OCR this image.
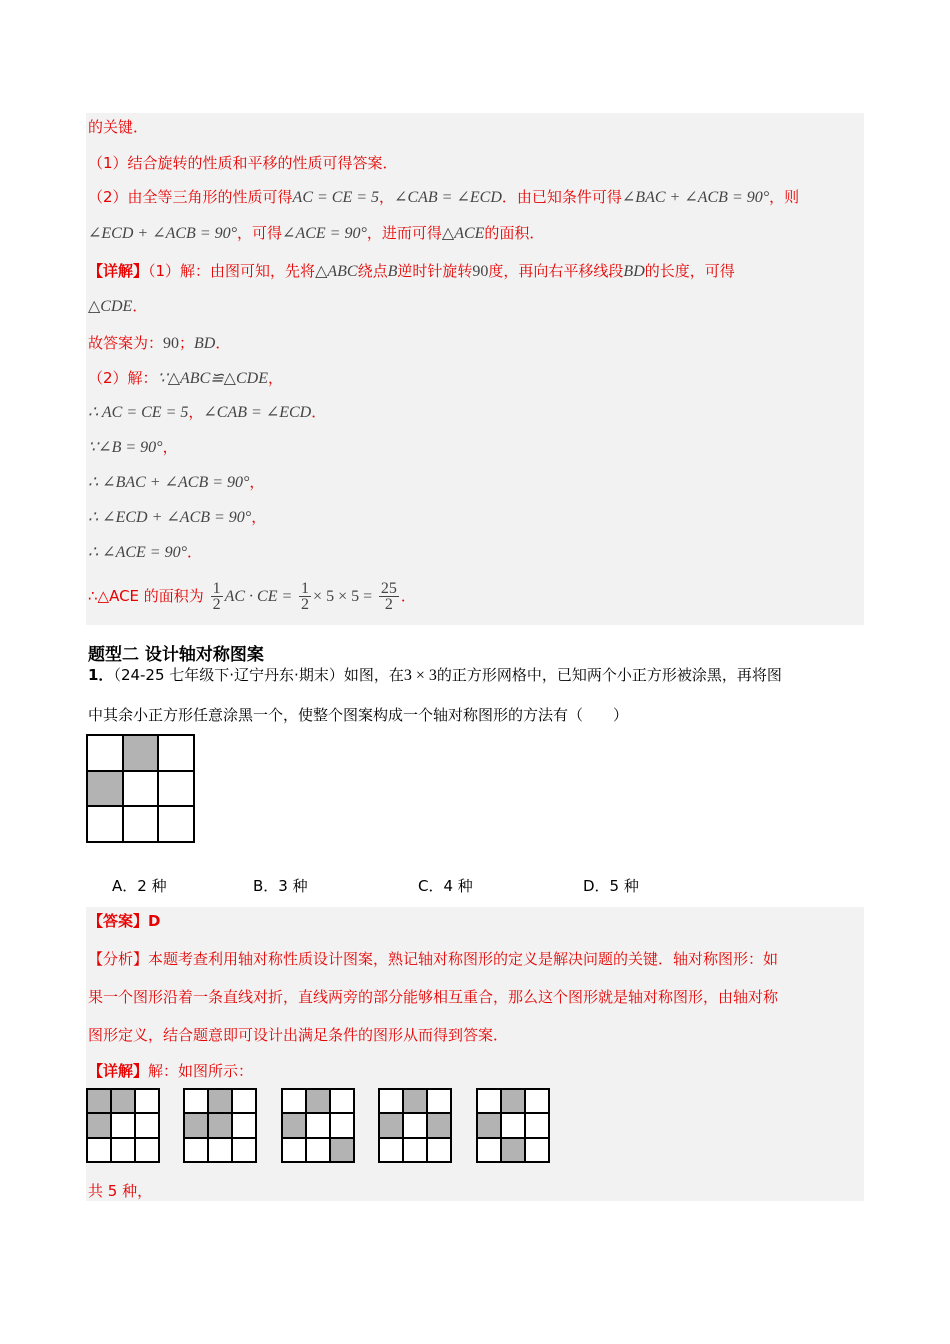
的关键．
（1）结合旋转的性质和平移的性质可得答案．
（2）由全等三角形的性质可得AC = CE = 5，∠CAB = ∠ECD．由已知条件可得∠BAC + ∠ACB = 90°，则
∠ECD + ∠ACB = 90°，可得∠ACE = 90°，进而可得△ACE的面积．
【详解】（1）解：由图可知，先将△ABC绕点B逆时针旋转90度，再向右平移线段BD的长度，可得
△CDE．
故答案为：90；BD．
（2）解：∵△ABC≌△CDE，
∴ AC = CE = 5，∠CAB = ∠ECD．
∵∠B = 90°，
∴ ∠BAC + ∠ACB = 90°，
∴ ∠ECD + ∠ACB = 90°，
∴ ∠ACE = 90°．
∴△ACE 的面积为 $\frac{1}{2}$ AC · CE = $\frac{1}{2} \times 5 \times 5 = \frac{25}{2}$ ．
题型二 设计轴对称图案
1．（24-25 七年级下·辽宁丹东·期末）如图，在3 × 3的正方形网格中，已知两个小正方形被涂黑，再将图
中其余小正方形任意涂黑一个，使整个图案构成一个轴对称图形的方法有（　　）
A．2 种	B．3 种	C．4 种	D．5 种
【答案】D
【分析】本题考查利用轴对称性质设计图案，熟记轴对称图形的定义是解决问题的关键．轴对称图形：如
果一个图形沿着一条直线对折，直线两旁的部分能够相互重合，那么这个图形就是轴对称图形，由轴对称
图形定义，结合题意即可设计出满足条件的图形从而得到答案．
【详解】解：如图所示：
共 5 种，
